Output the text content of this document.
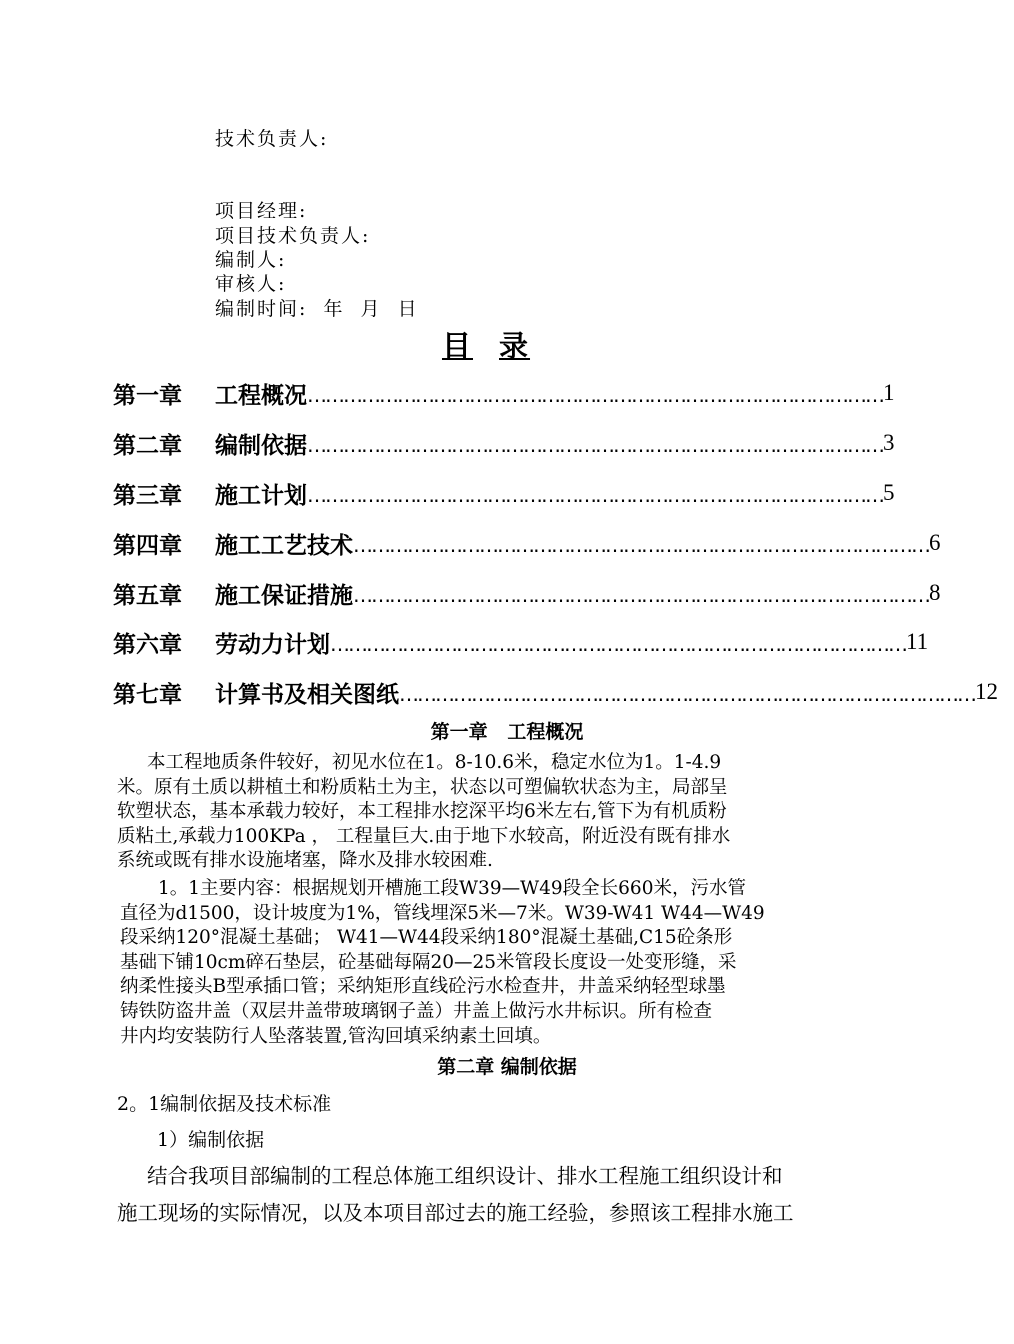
技术负责人:
项目经理:
项目技术负责人:
编制人:
审核人:
编制时间:  年  月  日
目 录
第一章	工程概况 …………………………………………………………………………………… 1
第二章	编制依据 …………………………………………………………………………………… 3
第三章	施工计划 …………………………………………………………………………………… 5
第四章	施工工艺技术 …………………………………………………………………………………… 6
第五章	施工保证措施 …………………………………………………………………………………… 8
第六章	劳动力计划 …………………………………………………………………………………… 11
第七章	计算书及相关图纸 …………………………………………………………………………………… 12
第一章   工程概况
本工程地质条件较好，初见水位在1。8-10.6米，稳定水位为1。1-4.9
米。原有土质以耕植土和粉质粘土为主，状态以可塑偏软状态为主，局部呈
软塑状态，基本承载力较好，本工程排水挖深平均6米左右,管下为有机质粉
质粘土,承载力100KPa ， 工程量巨大.由于地下水较高，附近没有既有排水
系统或既有排水设施堵塞，降水及排水较困难.
1。1主要内容：根据规划开槽施工段W39—W49段全长660米，污水管
直径为d1500，设计坡度为1%，管线埋深5米—7米。W39-W41 W44—W49
段采纳120°混凝土基础； W41—W44段采纳180°混凝土基础,C15砼条形
基础下铺10cm碎石垫层，砼基础每隔20—25米管段长度设一处变形缝，采
纳柔性接头B型承插口管；采纳矩形直线砼污水检查井，井盖采纳轻型球墨
铸铁防盗井盖（双层井盖带玻璃钢子盖）井盖上做污水井标识。所有检查
井内均安装防行人坠落装置,管沟回填采纳素土回填。
第二章 编制依据
2。1编制依据及技术标准
1）编制依据
结合我项目部编制的工程总体施工组织设计、排水工程施工组织设计和
施工现场的实际情况，以及本项目部过去的施工经验，参照该工程排水施工
